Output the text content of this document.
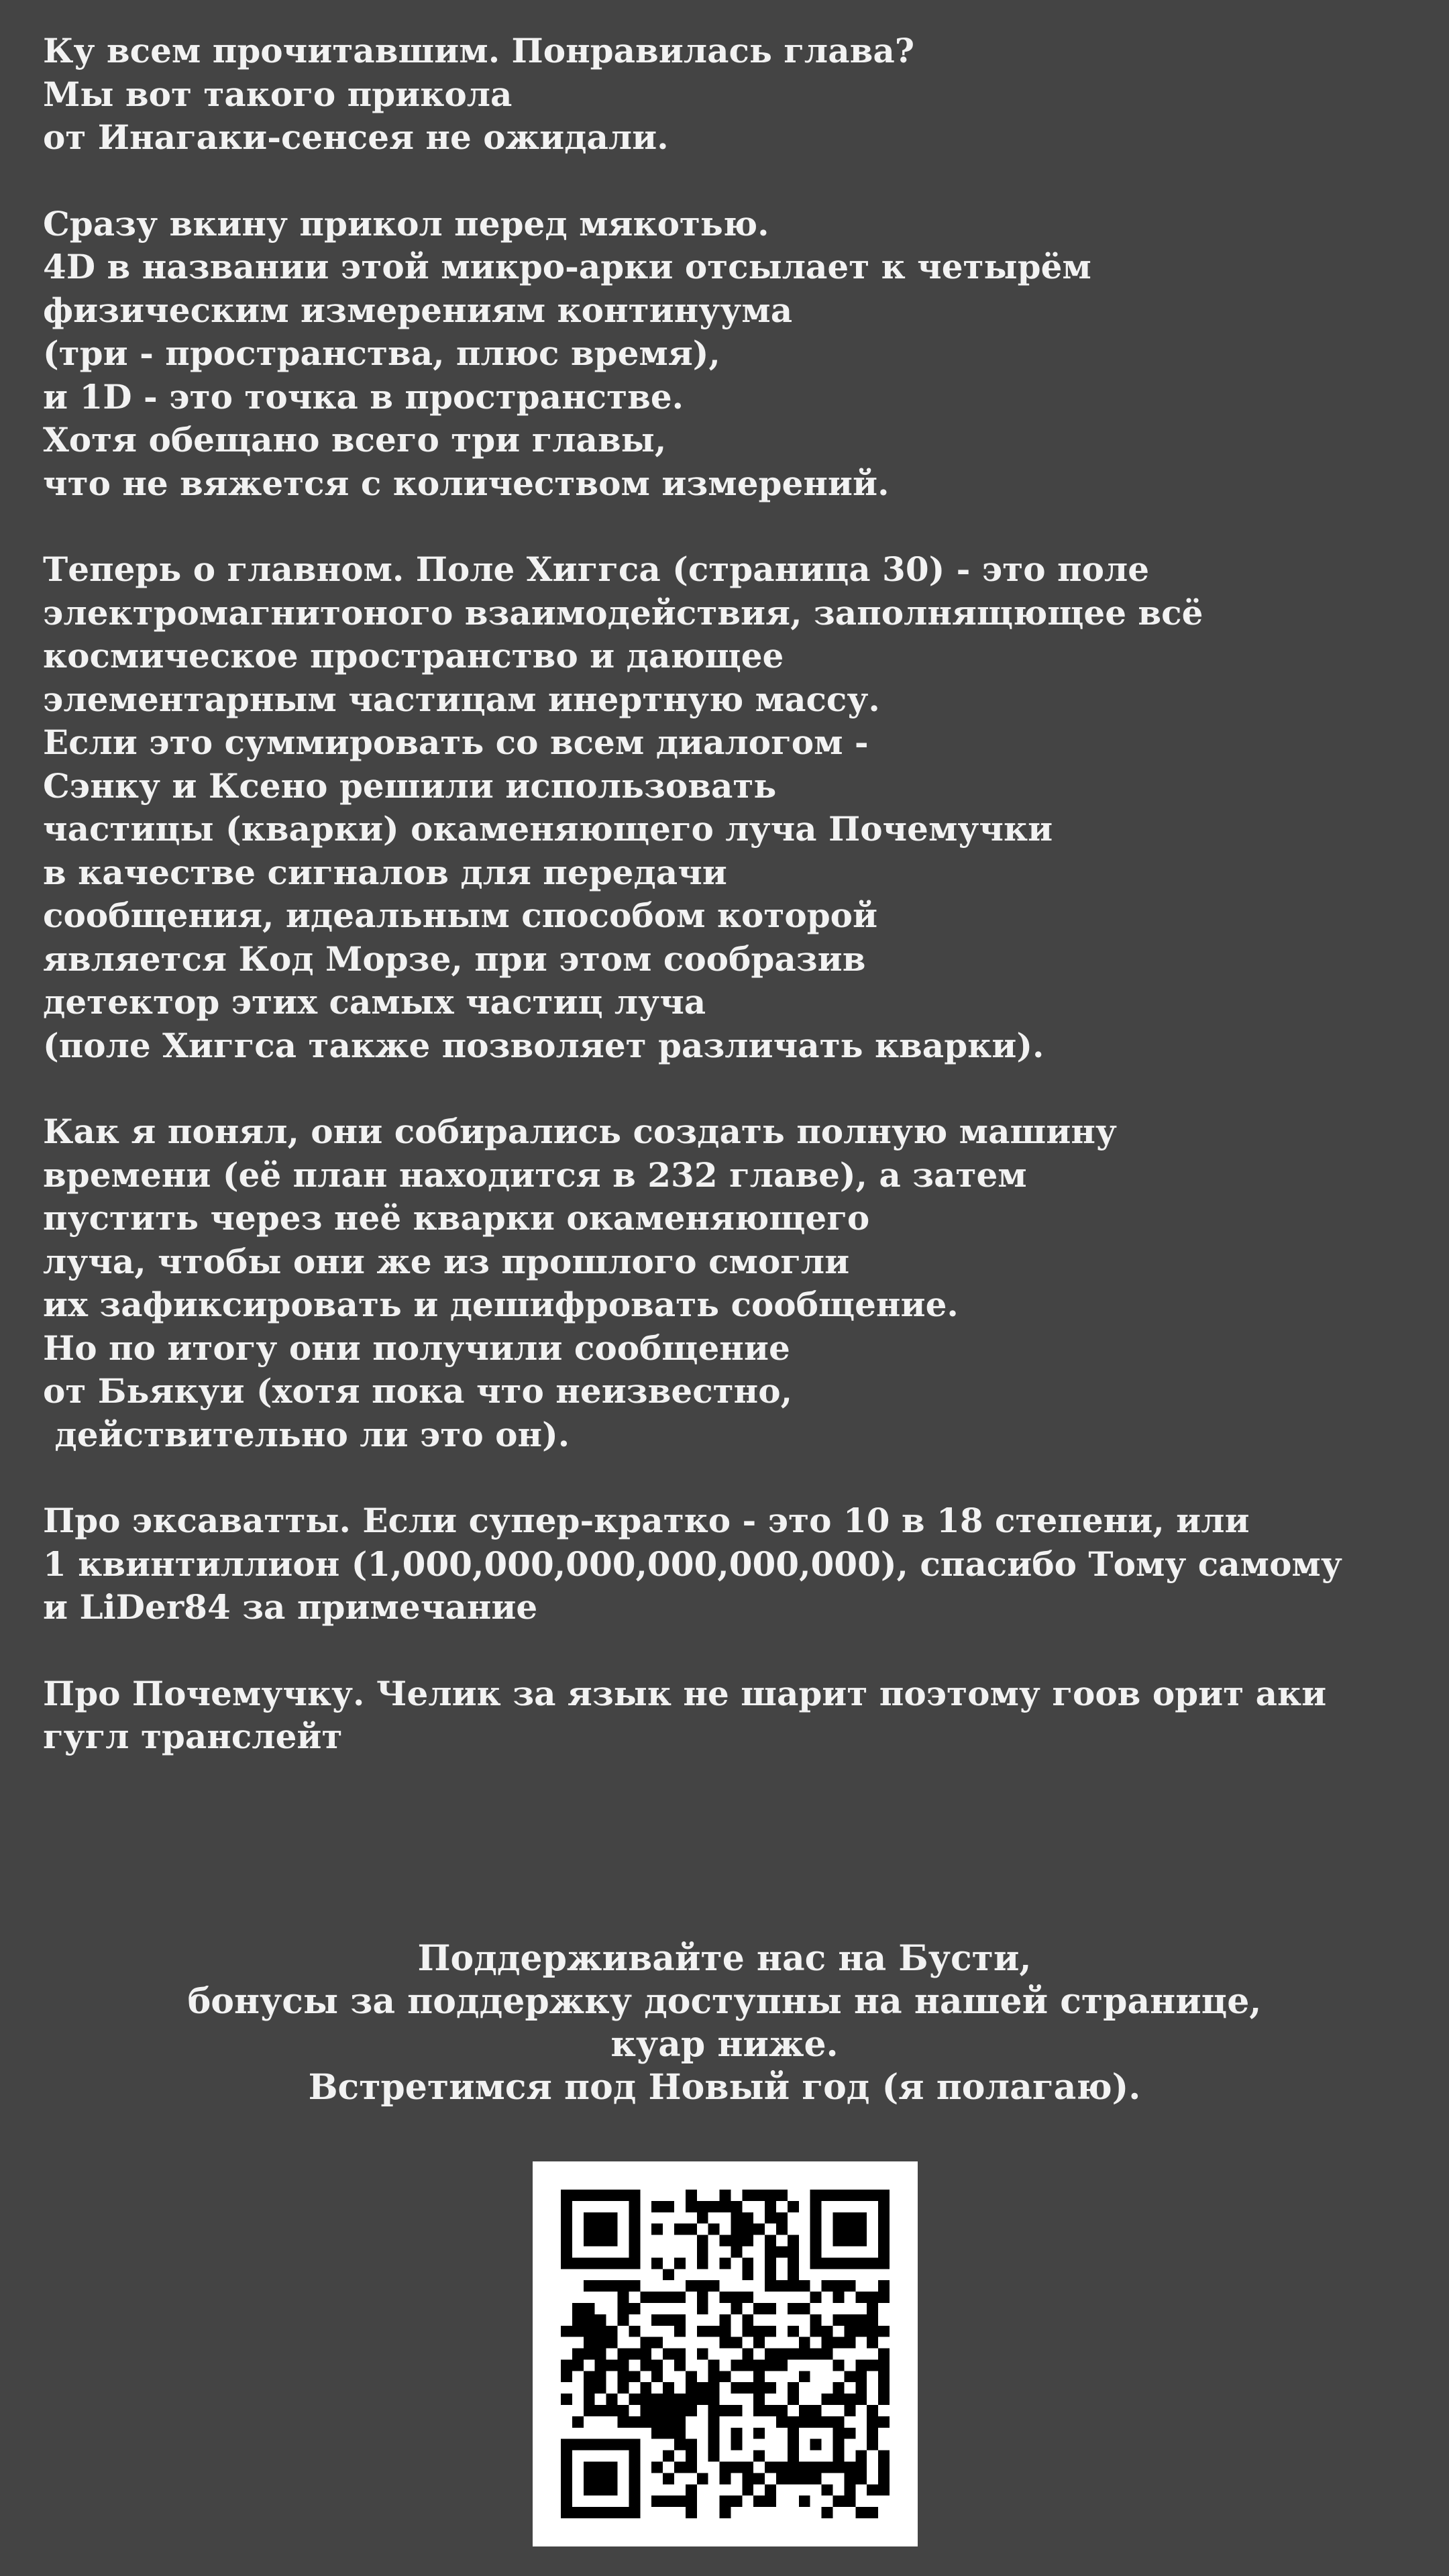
Ку всем прочитавшим. Понравилась глава?
Мы вот такого прикола
от Инагаки-сенсея не ожидали.
Сразу вкину прикол перед мякотью.
4D в названии этой микро-арки отсылает к четырём
физическим измерениям континуума
(три - пространства, плюс время),
и 1D - это точка в пространстве.
Хотя обещано всего три главы,
что не вяжется с количеством измерений.
Теперь о главном. Поле Хиггса (страница 30) - это поле
электромагнитоного взаимодействия, заполнящющее всё
космическое пространство и дающее
элементарным частицам инертную массу.
Если это суммировать со всем диалогом -
Сэнку и Ксено решили использовать
частицы (кварки) окаменяющего луча Почемучки
в качестве сигналов для передачи
сообщения, идеальным способом которой
является Код Морзе, при этом сообразив
детектор этих самых частиц луча
(поле Хиггса также позволяет различать кварки).
Как я понял, они собирались создать полную машину
времени (её план находится в 232 главе), а затем
пустить через неё кварки окаменяющего
луча, чтобы они же из прошлого смогли
их зафиксировать и дешифровать сообщение.
Но по итогу они получили сообщение
от Бьякуи (хотя пока что неизвестно,
действительно ли это он).
Про эксаватты. Если супер-кратко - это 10 в 18 степени, или
1 квинтиллион (1,000,000,000,000,000,000), спасибо Тому самому
и LiDer84 за примечание
Про Почемучку. Челик за язык не шарит поэтому гоов орит аки
гугл транслейт
Поддерживайте нас на Бусти,
бонусы за поддержку доступны на нашей странице,
куар ниже.
Встретимся под Новый год (я полагаю).
